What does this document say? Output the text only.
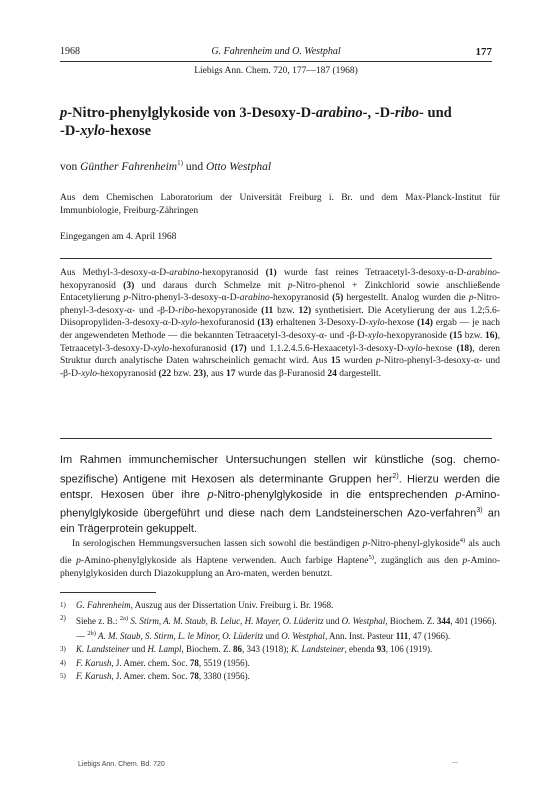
1968	G. Fahrenheim und O. Westphal	177
Liebigs Ann. Chem. 720, 177—187 (1968)
p-Nitro-phenylglykoside von 3-Desoxy-D-arabino-, -D-ribo- und
-D-xylo-hexose
von Günther Fahrenheim$^{1)}$ und Otto Westphal
Aus dem Chemischen Laboratorium der Universität Freiburg i. Br. und dem Max-Planck-Institut für Immunbiologie, Freiburg-Zähringen
Eingegangen am 4. April 1968
Aus Methyl-3-desoxy-α-D-arabino-hexopyranosid (1) wurde fast reines Tetraacetyl-3-desoxy-α-D-arabino-hexopyranosid (3) und daraus durch Schmelze mit p-Nitro-phenol + Zinkchlorid sowie anschließende Entacetylierung p-Nitro-phenyl-3-desoxy-α-D-arabino-hexopyranosid (5) hergestellt. Analog wurden die p-Nitro-phenyl-3-desoxy-α- und -β-D-ribo-hexopyranoside (11 bzw. 12) synthetisiert. Die Acetylierung der aus 1.2;5.6-Diisopropyliden-3-desoxy-α-D-xylo-hexofuranosid (13) erhaltenen 3-Desoxy-D-xylo-hexose (14) ergab — je nach der angewendeten Methode — die bekannten Tetraacetyl-3-desoxy-α- und -β-D-xylo-hexopyranoside (15 bzw. 16), Tetraacetyl-3-desoxy-D-xylo-hexofuranosid (17) und 1.1.2.4.5.6-Hexaacetyl-3-desoxy-D-xylo-hexose (18), deren Struktur durch analytische Daten wahrscheinlich gemacht wird. Aus 15 wurden p-Nitro-phenyl-3-desoxy-α- und -β-D-xylo-hexopyranosid (22 bzw. 23), aus 17 wurde das β-Furanosid 24 dargestellt.
Im Rahmen immunchemischer Untersuchungen stellen wir künstliche (sog. chemo-spezifische) Antigene mit Hexosen als determinante Gruppen her$^{2)}$. Hierzu werden die entspr. Hexosen über ihre p-Nitro-phenylglykoside in die entsprechenden p-Amino-phenylglykoside übergeführt und diese nach dem Landsteinerschen Azo-verfahren$^{3)}$ an ein Trägerprotein gekuppelt.
In serologischen Hemmungsversuchen lassen sich sowohl die beständigen p-Nitro-phenyl-glykoside$^{4)}$ als auch die p-Amino-phenylglykoside als Haptene verwenden. Auch farbige Haptene$^{5)}$, zugänglich aus den p-Amino-phenylglykosiden durch Diazokupplung an Aro-maten, werden benutzt.
1) G. Fahrenheim, Auszug aus der Dissertation Univ. Freiburg i. Br. 1968.
2) Siehe z. B.: $^{2a)}$ S. Stirm, A. M. Staub, B. Leluc, H. Mayer, O. Lüderitz und O. Westphal, Biochem. Z. 344, 401 (1966). — $^{2b)}$ A. M. Staub, S. Stirm, L. le Minor, O. Lüderitz und O. Westphal, Ann. Inst. Pasteur 111, 47 (1966).
3) K. Landsteiner und H. Lampl, Biochem. Z. 86, 343 (1918); K. Landsteiner, ebenda 93, 106 (1919).
4) F. Karush, J. Amer. chem. Soc. 78, 5519 (1956).
5) F. Karush, J. Amer. chem. Soc. 78, 3380 (1956).
Liebigs Ann. Chem. Bd. 720	...
